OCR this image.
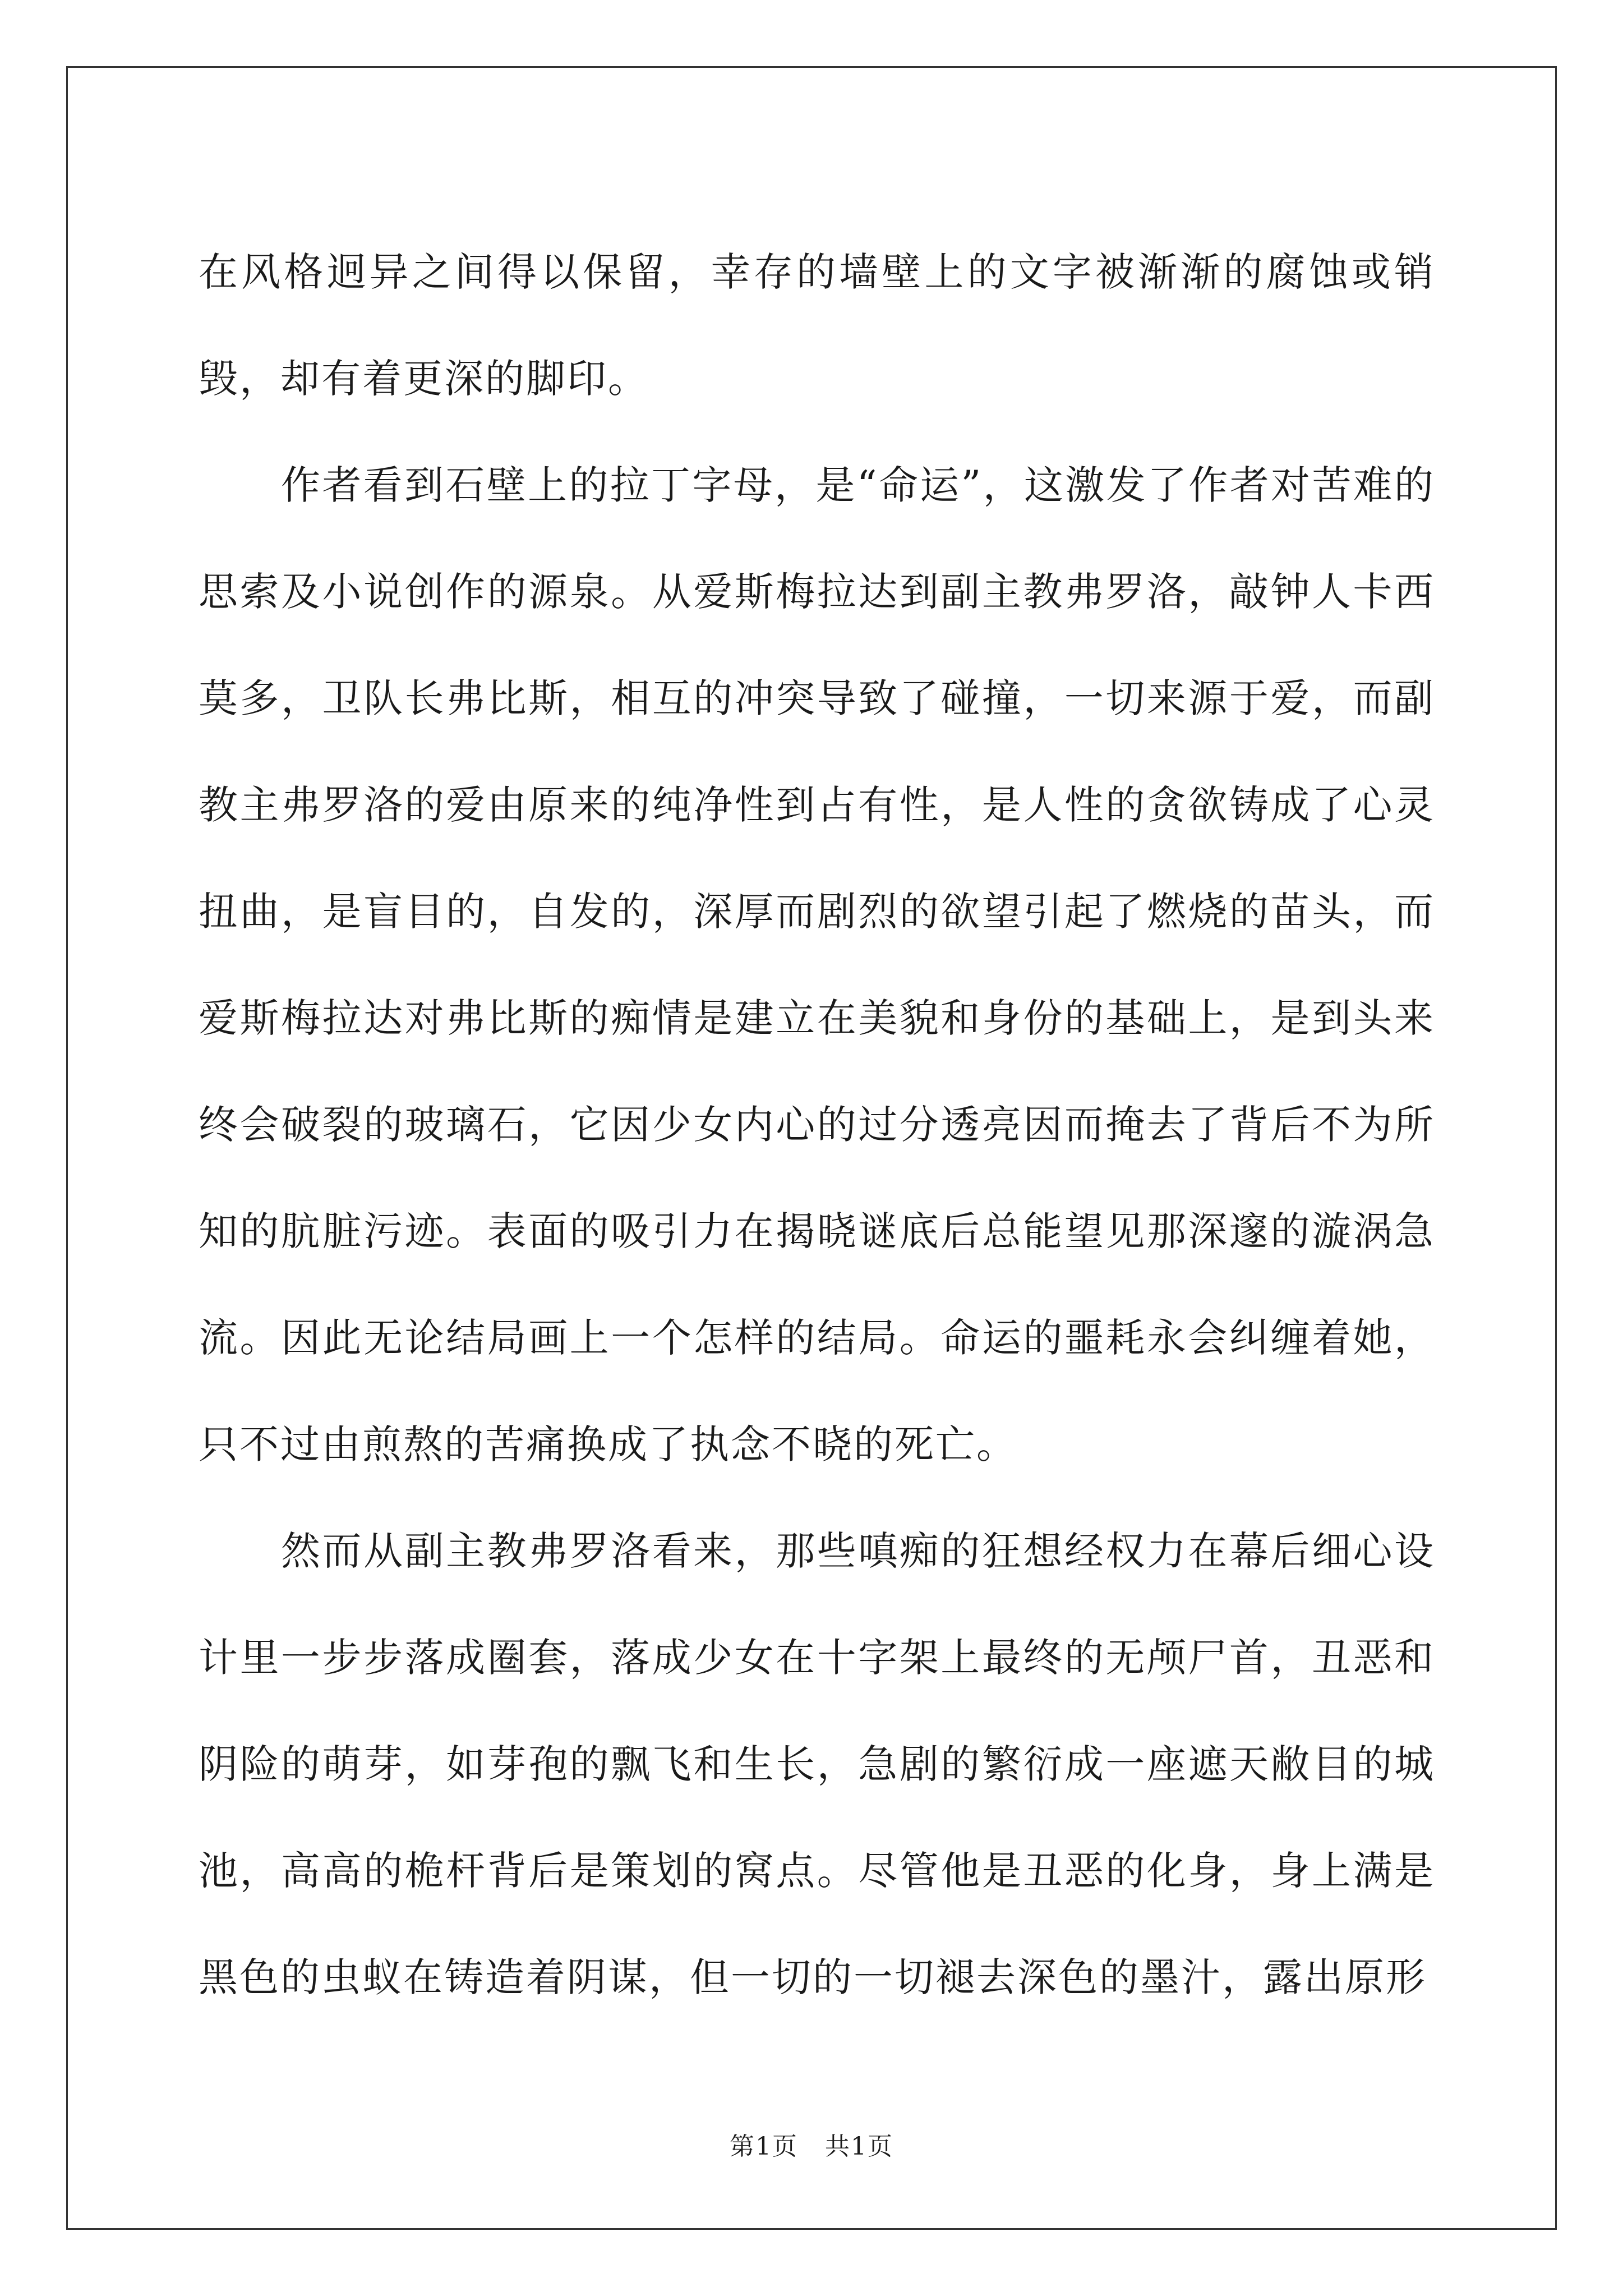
在风格迥异之间得以保留，幸存的墙壁上的文字被渐渐的腐蚀或销毁，却有着更深的脚印。

作者看到石壁上的拉丁字母，是“命运”，这激发了作者对苦难的思索及小说创作的源泉。从爱斯梅拉达到副主教弗罗洛，敲钟人卡西莫多，卫队长弗比斯，相互的冲突导致了碰撞，一切来源于爱，而副教主弗罗洛的爱由原来的纯净性到占有性，是人性的贪欲铸成了心灵扭曲，是盲目的，自发的，深厚而剧烈的欲望引起了燃烧的苗头，而爱斯梅拉达对弗比斯的痴情是建立在美貌和身份的基础上，是到头来终会破裂的玻璃石，它因少女内心的过分透亮因而掩去了背后不为所知的肮脏污迹。表面的吸引力在揭晓谜底后总能望见那深邃的漩涡急流。因此无论结局画上一个怎样的结局。命运的噩耗永会纠缠着她，只不过由煎熬的苦痛换成了执念不晓的死亡。

然而从副主教弗罗洛看来，那些嗔痴的狂想经权力在幕后细心设计里一步步落成圈套，落成少女在十字架上最终的无颅尸首，丑恶和阴险的萌芽，如芽孢的飘飞和生长，急剧的繁衍成一座遮天敝目的城池，高高的桅杆背后是策划的窝点。尽管他是丑恶的化身，身上满是黑色的虫蚁在铸造着阴谋，但一切的一切褪去深色的墨汁，露出原形

第1页 共1页
